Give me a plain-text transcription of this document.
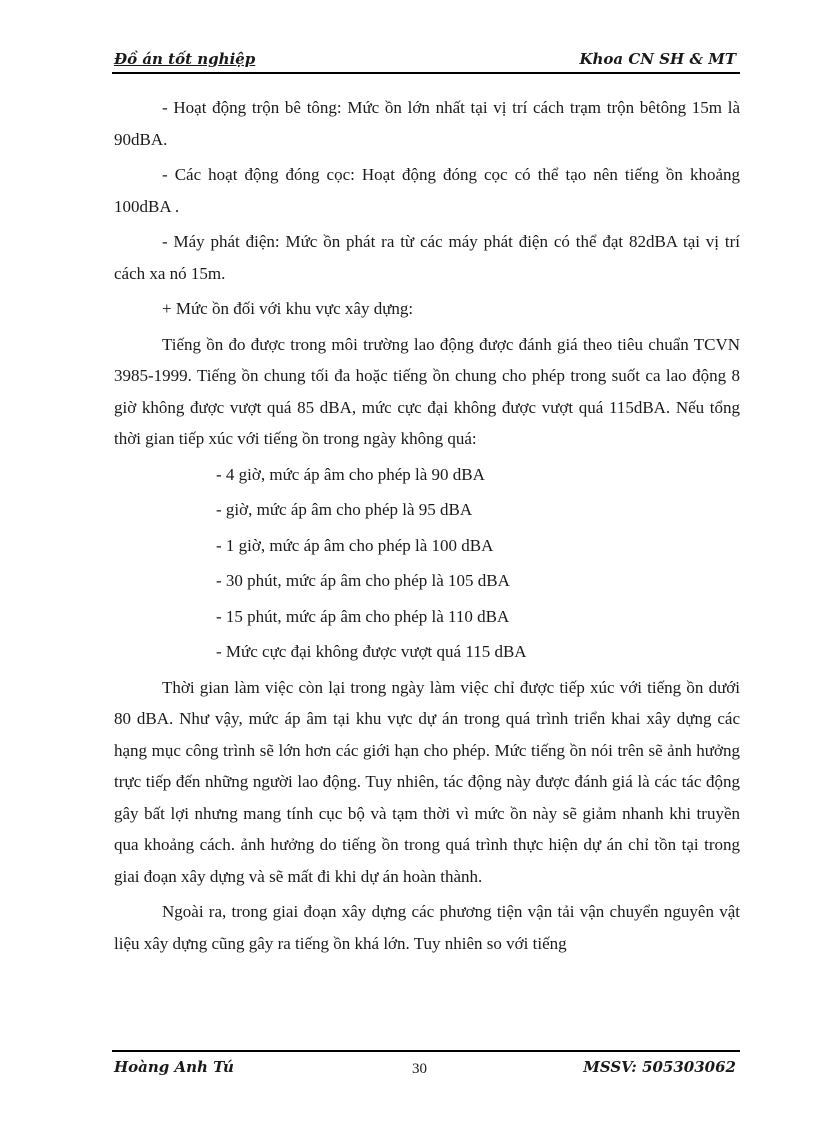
Đồ án tốt nghiệp	Khoa CN SH & MT

- Hoạt động trộn bê tông: Mức ồn lớn nhất tại vị trí cách trạm trộn bêtông 15m là 90dBA.

- Các hoạt động đóng cọc: Hoạt động đóng cọc có thể tạo nên tiếng ồn khoảng 100dBA .

- Máy phát điện: Mức ồn phát ra từ các máy phát điện có thể đạt 82dBA tại vị trí cách xa nó 15m.

+ Mức ồn đối với khu vực xây dựng:

Tiếng ồn đo được trong môi trường lao động được đánh giá theo tiêu chuẩn TCVN 3985-1999. Tiếng ồn chung tối đa hoặc tiếng ồn chung cho phép trong suốt ca lao động 8 giờ không được vượt quá 85 dBA, mức cực đại không được vượt quá 115dBA. Nếu tổng thời gian tiếp xúc với tiếng ồn trong ngày không quá:

- 4 giờ, mức áp âm cho phép là 90 dBA
- giờ, mức áp âm cho phép là 95 dBA
- 1 giờ, mức áp âm cho phép là 100 dBA
- 30 phút, mức áp âm cho phép là 105 dBA
- 15 phút, mức áp âm cho phép là 110 dBA
- Mức cực đại không được vượt quá 115 dBA

Thời gian làm việc còn lại trong ngày làm việc chỉ được tiếp xúc với tiếng ồn dưới 80 dBA. Như vậy, mức áp âm tại khu vực dự án trong quá trình triển khai xây dựng các hạng mục công trình sẽ lớn hơn các giới hạn cho phép. Mức tiếng ồn nói trên sẽ ảnh hưởng trực tiếp đến những người lao động. Tuy nhiên, tác động này được đánh giá là các tác động gây bất lợi nhưng mang tính cục bộ và tạm thời vì mức ồn này sẽ giảm nhanh khi truyền qua khoảng cách. ảnh hưởng do tiếng ồn trong quá trình thực hiện dự án chỉ tồn tại trong giai đoạn xây dựng và sẽ mất đi khi dự án hoàn thành.

Ngoài ra, trong giai đoạn xây dựng các phương tiện vận tải vận chuyển nguyên vật liệu xây dựng cũng gây ra tiếng ồn khá lớn. Tuy nhiên so với tiếng

Hoàng Anh Tú	30	MSSV: 505303062
